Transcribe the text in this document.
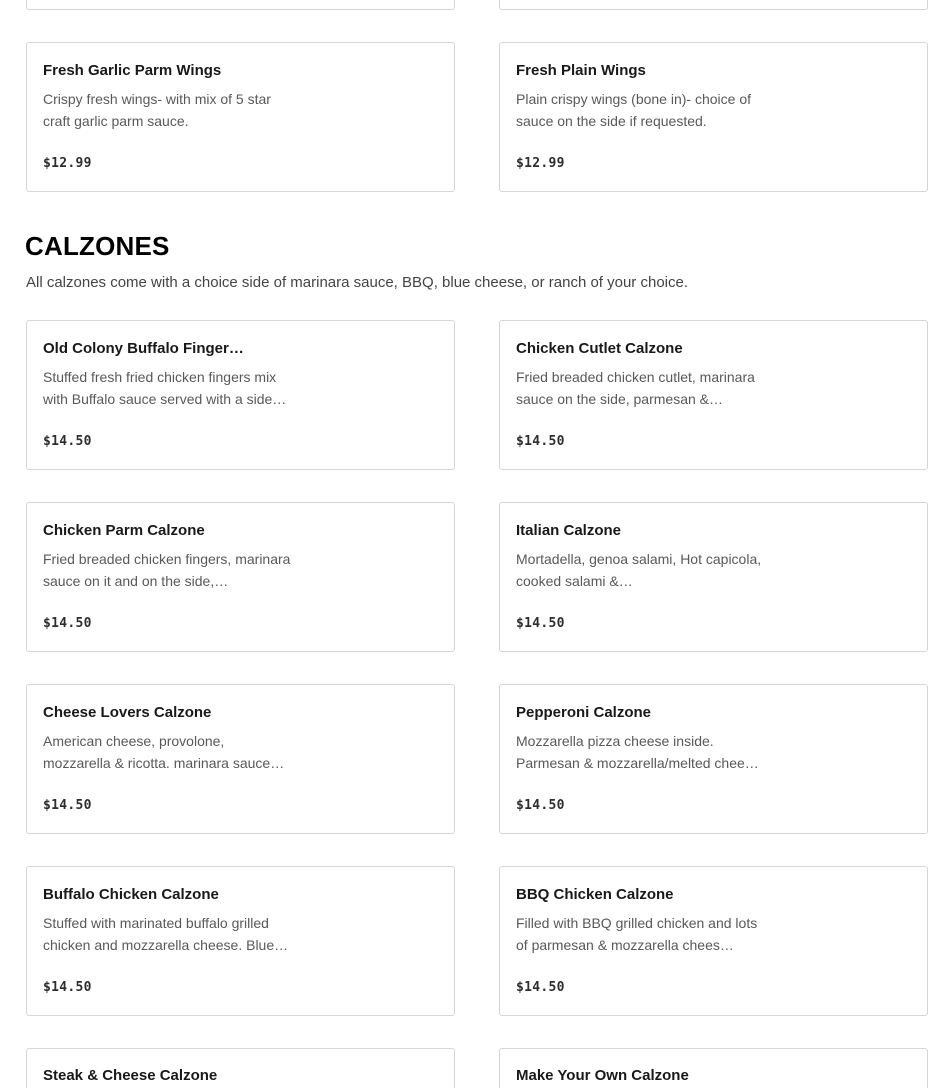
Fresh Garlic Parm Wings
Crispy fresh wings- with mix of 5 star craft garlic parm sauce.
$12.99
Fresh Plain Wings
Plain crispy wings (bone in)- choice of sauce on the side if requested.
$12.99
CALZONES
All calzones come with a choice side of marinara sauce, BBQ, blue cheese, or ranch of your choice.
Old Colony Buffalo Finger…
Stuffed fresh fried chicken fingers mix with Buffalo sauce served with a side…
$14.50
Chicken Cutlet Calzone
Fried breaded chicken cutlet, marinara sauce on the side, parmesan &…
$14.50
Chicken Parm Calzone
Fried breaded chicken fingers, marinara sauce on it and on the side,…
$14.50
Italian Calzone
Mortadella, genoa salami, Hot capicola, cooked salami &…
$14.50
Cheese Lovers Calzone
American cheese, provolone, mozzarella & ricotta. marinara sauce…
$14.50
Pepperoni Calzone
Mozzarella pizza cheese inside. Parmesan & mozzarella/melted chee…
$14.50
Buffalo Chicken Calzone
Stuffed with marinated buffalo grilled chicken and mozzarella cheese. Blue…
$14.50
BBQ Chicken Calzone
Filled with BBQ grilled chicken and lots of parmesan & mozzarella chees…
$14.50
Steak & Cheese Calzone	Make Your Own Calzone
